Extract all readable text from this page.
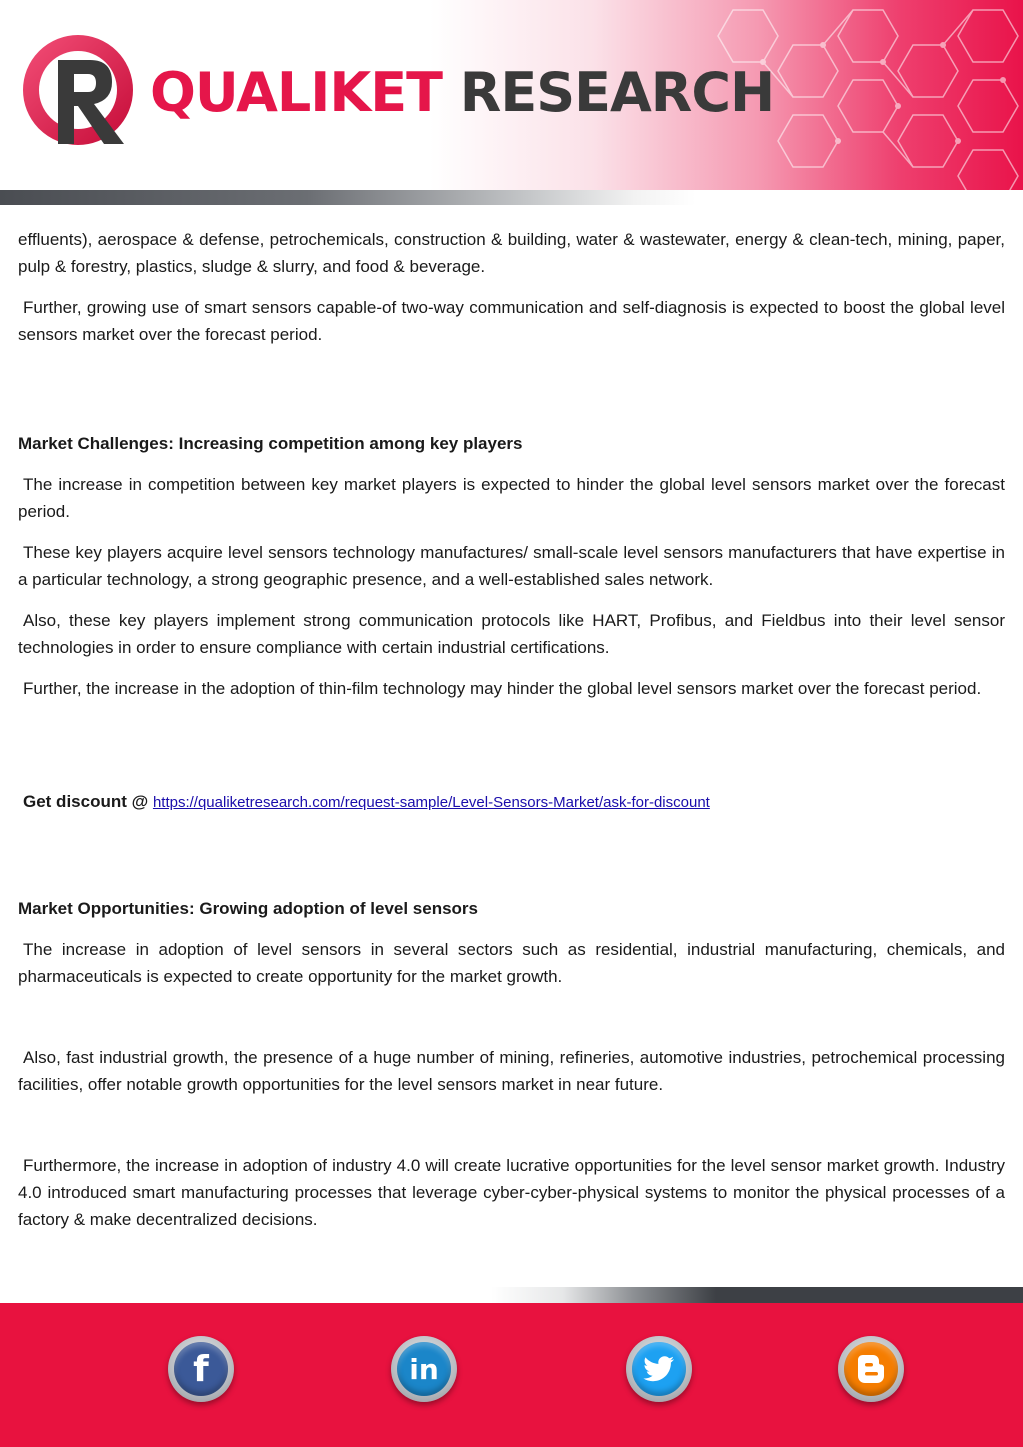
QUALIKET RESEARCH

effluents), aerospace & defense, petrochemicals, construction & building, water & wastewater, energy & clean-tech, mining, paper, pulp & forestry, plastics, sludge & slurry, and food & beverage.

Further, growing use of smart sensors capable-of two-way communication and self-diagnosis is expected to boost the global level sensors market over the forecast period.

Market Challenges: Increasing competition among key players

The increase in competition between key market players is expected to hinder the global level sensors market over the forecast period.

These key players acquire level sensors technology manufactures/ small-scale level sensors manufacturers that have expertise in a particular technology, a strong geographic presence, and a well-established sales network.

Also, these key players implement strong communication protocols like HART, Profibus, and Fieldbus into their level sensor technologies in order to ensure compliance with certain industrial certifications.

Further, the increase in the adoption of thin-film technology may hinder the global level sensors market over the forecast period.

Get discount @ https://qualiketresearch.com/request-sample/Level-Sensors-Market/ask-for-discount

Market Opportunities: Growing adoption of level sensors

The increase in adoption of level sensors in several sectors such as residential, industrial manufacturing, chemicals, and pharmaceuticals is expected to create opportunity for the market growth.

Also, fast industrial growth, the presence of a huge number of mining, refineries, automotive industries, petrochemical processing facilities, offer notable growth opportunities for the level sensors market in near future.

Furthermore, the increase in adoption of industry 4.0 will create lucrative opportunities for the level sensor market growth. Industry 4.0 introduced smart manufacturing processes that leverage cyber-cyber-physical systems to monitor the physical processes of a factory & make decentralized decisions.

f	in
